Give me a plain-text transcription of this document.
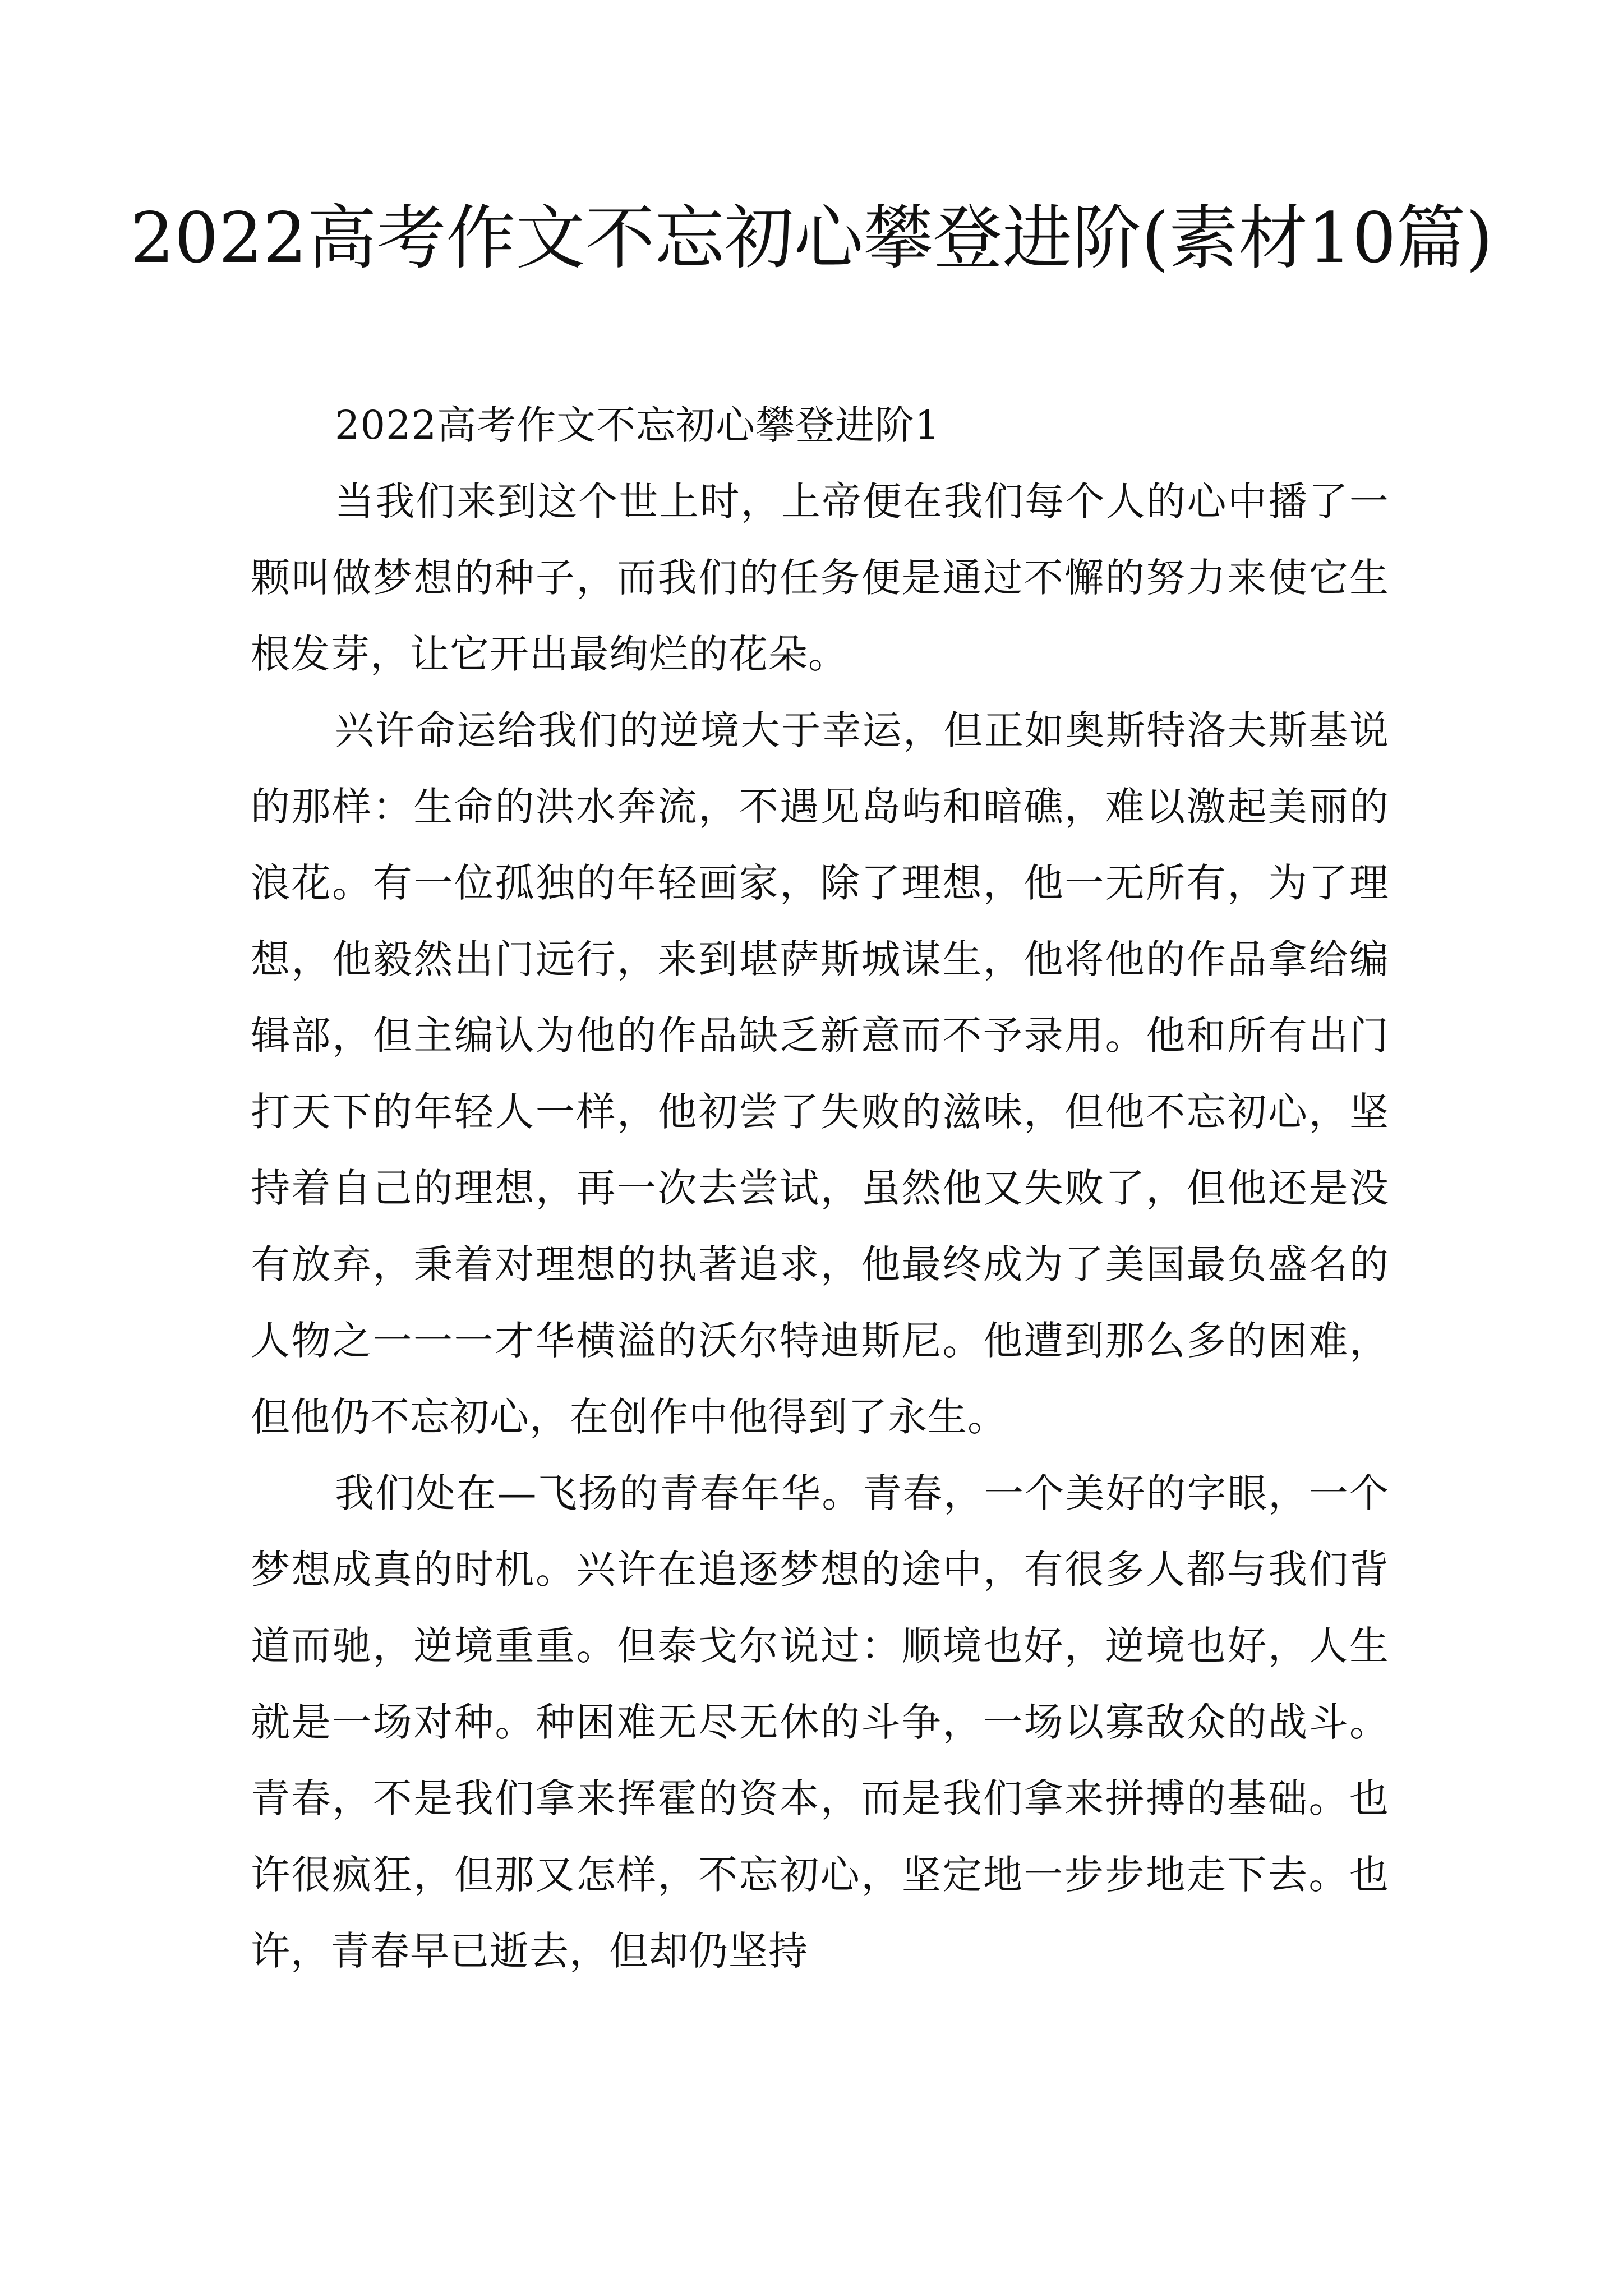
2022高考作文不忘初心攀登进阶(素材10篇)
2022高考作文不忘初心攀登进阶1

当我们来到这个世上时，上帝便在我们每个人的心中播了一颗叫做梦想的种子，而我们的任务便是通过不懈的努力来使它生根发芽，让它开出最绚烂的花朵。

兴许命运给我们的逆境大于幸运，但正如奥斯特洛夫斯基说的那样：生命的洪水奔流，不遇见岛屿和暗礁，难以激起美丽的浪花。有一位孤独的年轻画家，除了理想，他一无所有，为了理想，他毅然出门远行，来到堪萨斯城谋生，他将他的作品拿给编辑部，但主编认为他的作品缺乏新意而不予录用。他和所有出门打天下的年轻人一样，他初尝了失败的滋味，但他不忘初心，坚持着自己的理想，再一次去尝试，虽然他又失败了，但他还是没有放弃，秉着对理想的执著追求，他最终成为了美国最负盛名的人物之一一一才华横溢的沃尔特迪斯尼。他遭到那么多的困难，但他仍不忘初心，在创作中他得到了永生。

我们处在—飞扬的青春年华。青春，一个美好的字眼，一个梦想成真的时机。兴许在追逐梦想的途中，有很多人都与我们背道而驰，逆境重重。但泰戈尔说过：顺境也好，逆境也好，人生就是一场对种。种困难无尽无休的斗争，一场以寡敌众的战斗。青春，不是我们拿来挥霍的资本，而是我们拿来拼搏的基础。也许很疯狂，但那又怎样，不忘初心，坚定地一步步地走下去。也许，青春早已逝去，但却仍坚持
